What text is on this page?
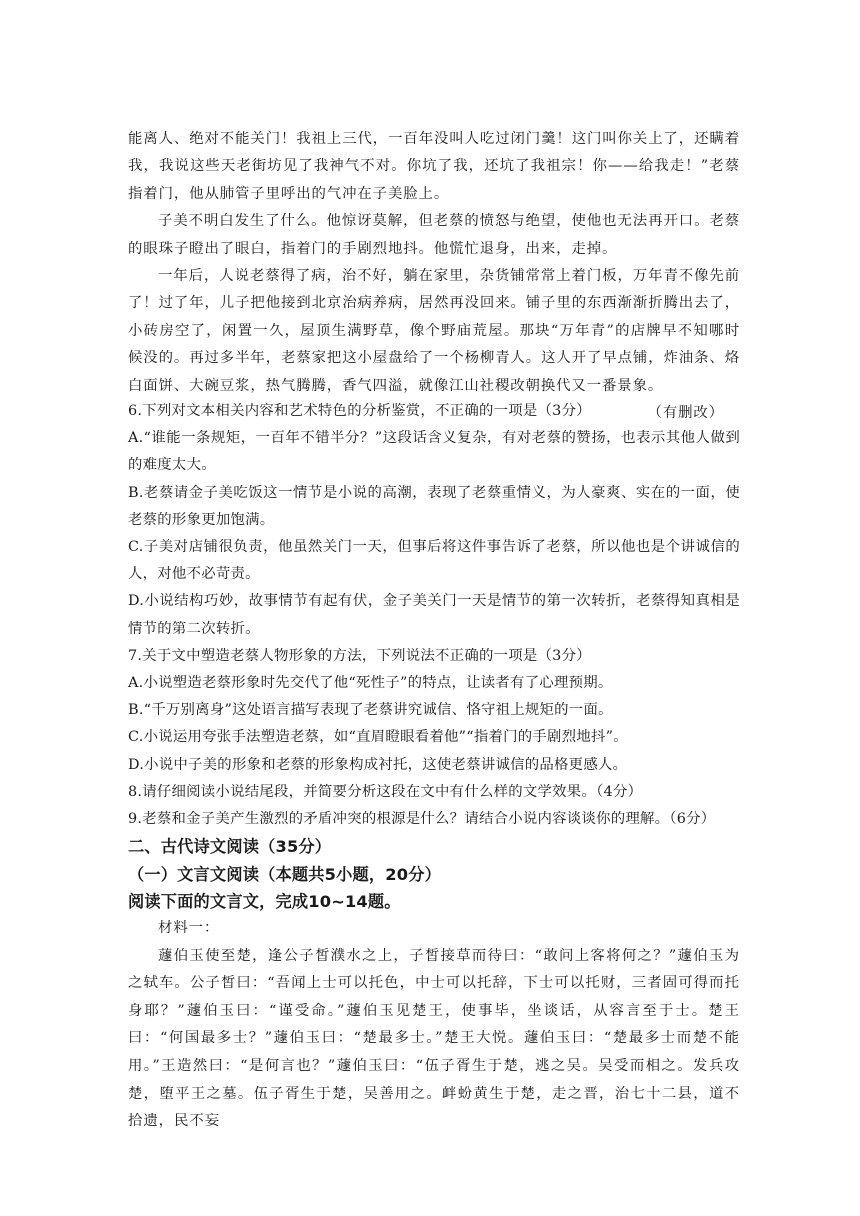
能离人、绝对不能关门！我祖上三代，一百年没叫人吃过闭门羹！这门叫你关上了，还瞒着我，我说这些天老街坊见了我神气不对。你坑了我，还坑了我祖宗！你——给我走！”老蔡指着门，他从肺管子里呼出的气冲在子美脸上。

子美不明白发生了什么。他惊讶莫解，但老蔡的愤怒与绝望，使他也无法再开口。老蔡的眼珠子瞪出了眼白，指着门的手剧烈地抖。他慌忙退身，出来，走掉。

一年后，人说老蔡得了病，治不好，躺在家里，杂货铺常常上着门板，万年青不像先前了！过了年，儿子把他接到北京治病养病，居然再没回来。铺子里的东西渐渐折腾出去了，小砖房空了，闲置一久，屋顶生满野草，像个野庙荒屋。那块“万年青”的店牌早不知哪时候没的。再过多半年，老蔡家把这小屋盘给了一个杨柳青人。这人开了早点铺，炸油条、烙白面饼、大碗豆浆，热气腾腾，香气四溢，就像江山社稷改朝换代又一番景象。

（有删改）

6.下列对文本相关内容和艺术特色的分析鉴赏，不正确的一项是（3分）

A.“谁能一条规矩，一百年不错半分？”这段话含义复杂，有对老蔡的赞扬，也表示其他人做到的难度太大。

B.老蔡请金子美吃饭这一情节是小说的高潮，表现了老蔡重情义，为人豪爽、实在的一面，使老蔡的形象更加饱满。

C.子美对店铺很负责，他虽然关门一天，但事后将这件事告诉了老蔡，所以他也是个讲诚信的人，对他不必苛责。

D.小说结构巧妙，故事情节有起有伏，金子美关门一天是情节的第一次转折，老蔡得知真相是情节的第二次转折。

7.关于文中塑造老蔡人物形象的方法，下列说法不正确的一项是（3分）

A.小说塑造老蔡形象时先交代了他“死性子”的特点，让读者有了心理预期。

B.“千万别离身”这处语言描写表现了老蔡讲究诚信、恪守祖上规矩的一面。

C.小说运用夸张手法塑造老蔡，如“直眉瞪眼看着他”“指着门的手剧烈地抖”。

D.小说中子美的形象和老蔡的形象构成衬托，这使老蔡讲诚信的品格更感人。

8.请仔细阅读小说结尾段，并简要分析这段在文中有什么样的文学效果。（4分）

9.老蔡和金子美产生激烈的矛盾冲突的根源是什么？请结合小说内容谈谈你的理解。（6分）

二、古代诗文阅读（35分）

（一）文言文阅读（本题共5小题，20分）

阅读下面的文言文，完成10~14题。

材料一：

蘧伯玉使至楚，逢公子皙濮水之上，子皙接草而待曰：“敢问上客将何之？”蘧伯玉为之轼车。公子皙曰：“吾闻上士可以托色，中士可以托辞，下士可以托财，三者固可得而托身耶？”蘧伯玉曰：“谨受命。”蘧伯玉见楚王，使事毕，坐谈话，从容言至于士。楚王曰：“何国最多士？”蘧伯玉曰：“楚最多士。”楚王大悦。蘧伯玉曰：“楚最多士而楚不能用。”王造然曰：“是何言也？”蘧伯玉曰：“伍子胥生于楚，逃之吴。吴受而相之。发兵攻楚，堕平王之墓。伍子胥生于楚，吴善用之。衅蚡黄生于楚，走之晋，治七十二县，道不拾遗，民不妄
